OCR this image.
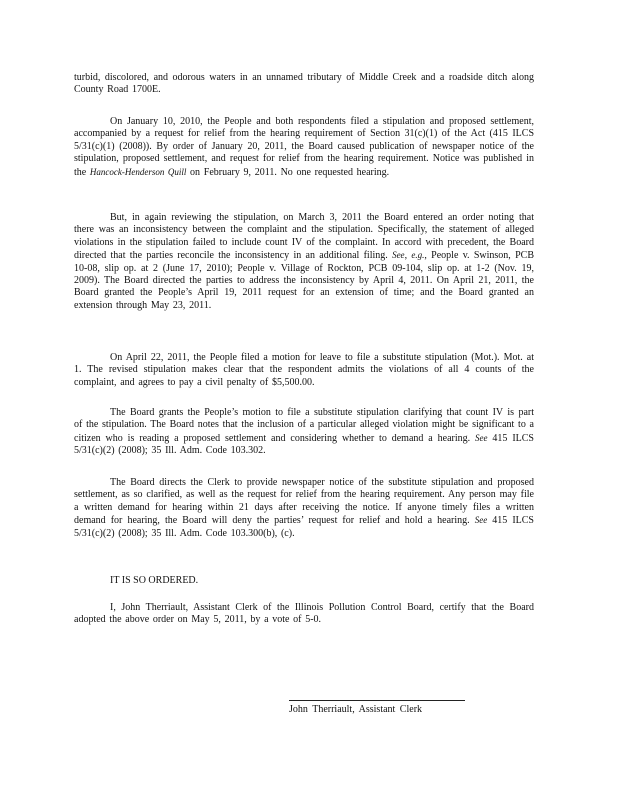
turbid, discolored, and odorous waters in an unnamed tributary of Middle Creek and a roadside ditch along County Road 1700E.

On January 10, 2010, the People and both respondents filed a stipulation and proposed settlement, accompanied by a request for relief from the hearing requirement of Section 31(c)(1) of the Act (415 ILCS 5/31(c)(1) (2008)). By order of January 20, 2011, the Board caused publication of newspaper notice of the stipulation, proposed settlement, and request for relief from the hearing requirement. Notice was published in the Hancock-Henderson Quill on February 9, 2011. No one requested hearing.

But, in again reviewing the stipulation, on March 3, 2011 the Board entered an order noting that there was an inconsistency between the complaint and the stipulation. Specifically, the statement of alleged violations in the stipulation failed to include count IV of the complaint. In accord with precedent, the Board directed that the parties reconcile the inconsistency in an additional filing. See, e.g., People v. Swinson, PCB 10-08, slip op. at 2 (June 17, 2010); People v. Village of Rockton, PCB 09-104, slip op. at 1-2 (Nov. 19, 2009). The Board directed the parties to address the inconsistency by April 4, 2011. On April 21, 2011, the Board granted the People’s April 19, 2011 request for an extension of time; and the Board granted an extension through May 23, 2011.

On April 22, 2011, the People filed a motion for leave to file a substitute stipulation (Mot.). Mot. at 1. The revised stipulation makes clear that the respondent admits the violations of all 4 counts of the complaint, and agrees to pay a civil penalty of $5,500.00.

The Board grants the People’s motion to file a substitute stipulation clarifying that count IV is part of the stipulation. The Board notes that the inclusion of a particular alleged violation might be significant to a citizen who is reading a proposed settlement and considering whether to demand a hearing. See 415 ILCS 5/31(c)(2) (2008); 35 Ill. Adm. Code 103.302.

The Board directs the Clerk to provide newspaper notice of the substitute stipulation and proposed settlement, as so clarified, as well as the request for relief from the hearing requirement. Any person may file a written demand for hearing within 21 days after receiving the notice. If anyone timely files a written demand for hearing, the Board will deny the parties’ request for relief and hold a hearing. See 415 ILCS 5/31(c)(2) (2008); 35 Ill. Adm. Code 103.300(b), (c).

IT IS SO ORDERED.

I, John Therriault, Assistant Clerk of the Illinois Pollution Control Board, certify that the Board adopted the above order on May 5, 2011, by a vote of 5-0.

John Therriault, Assistant Clerk
